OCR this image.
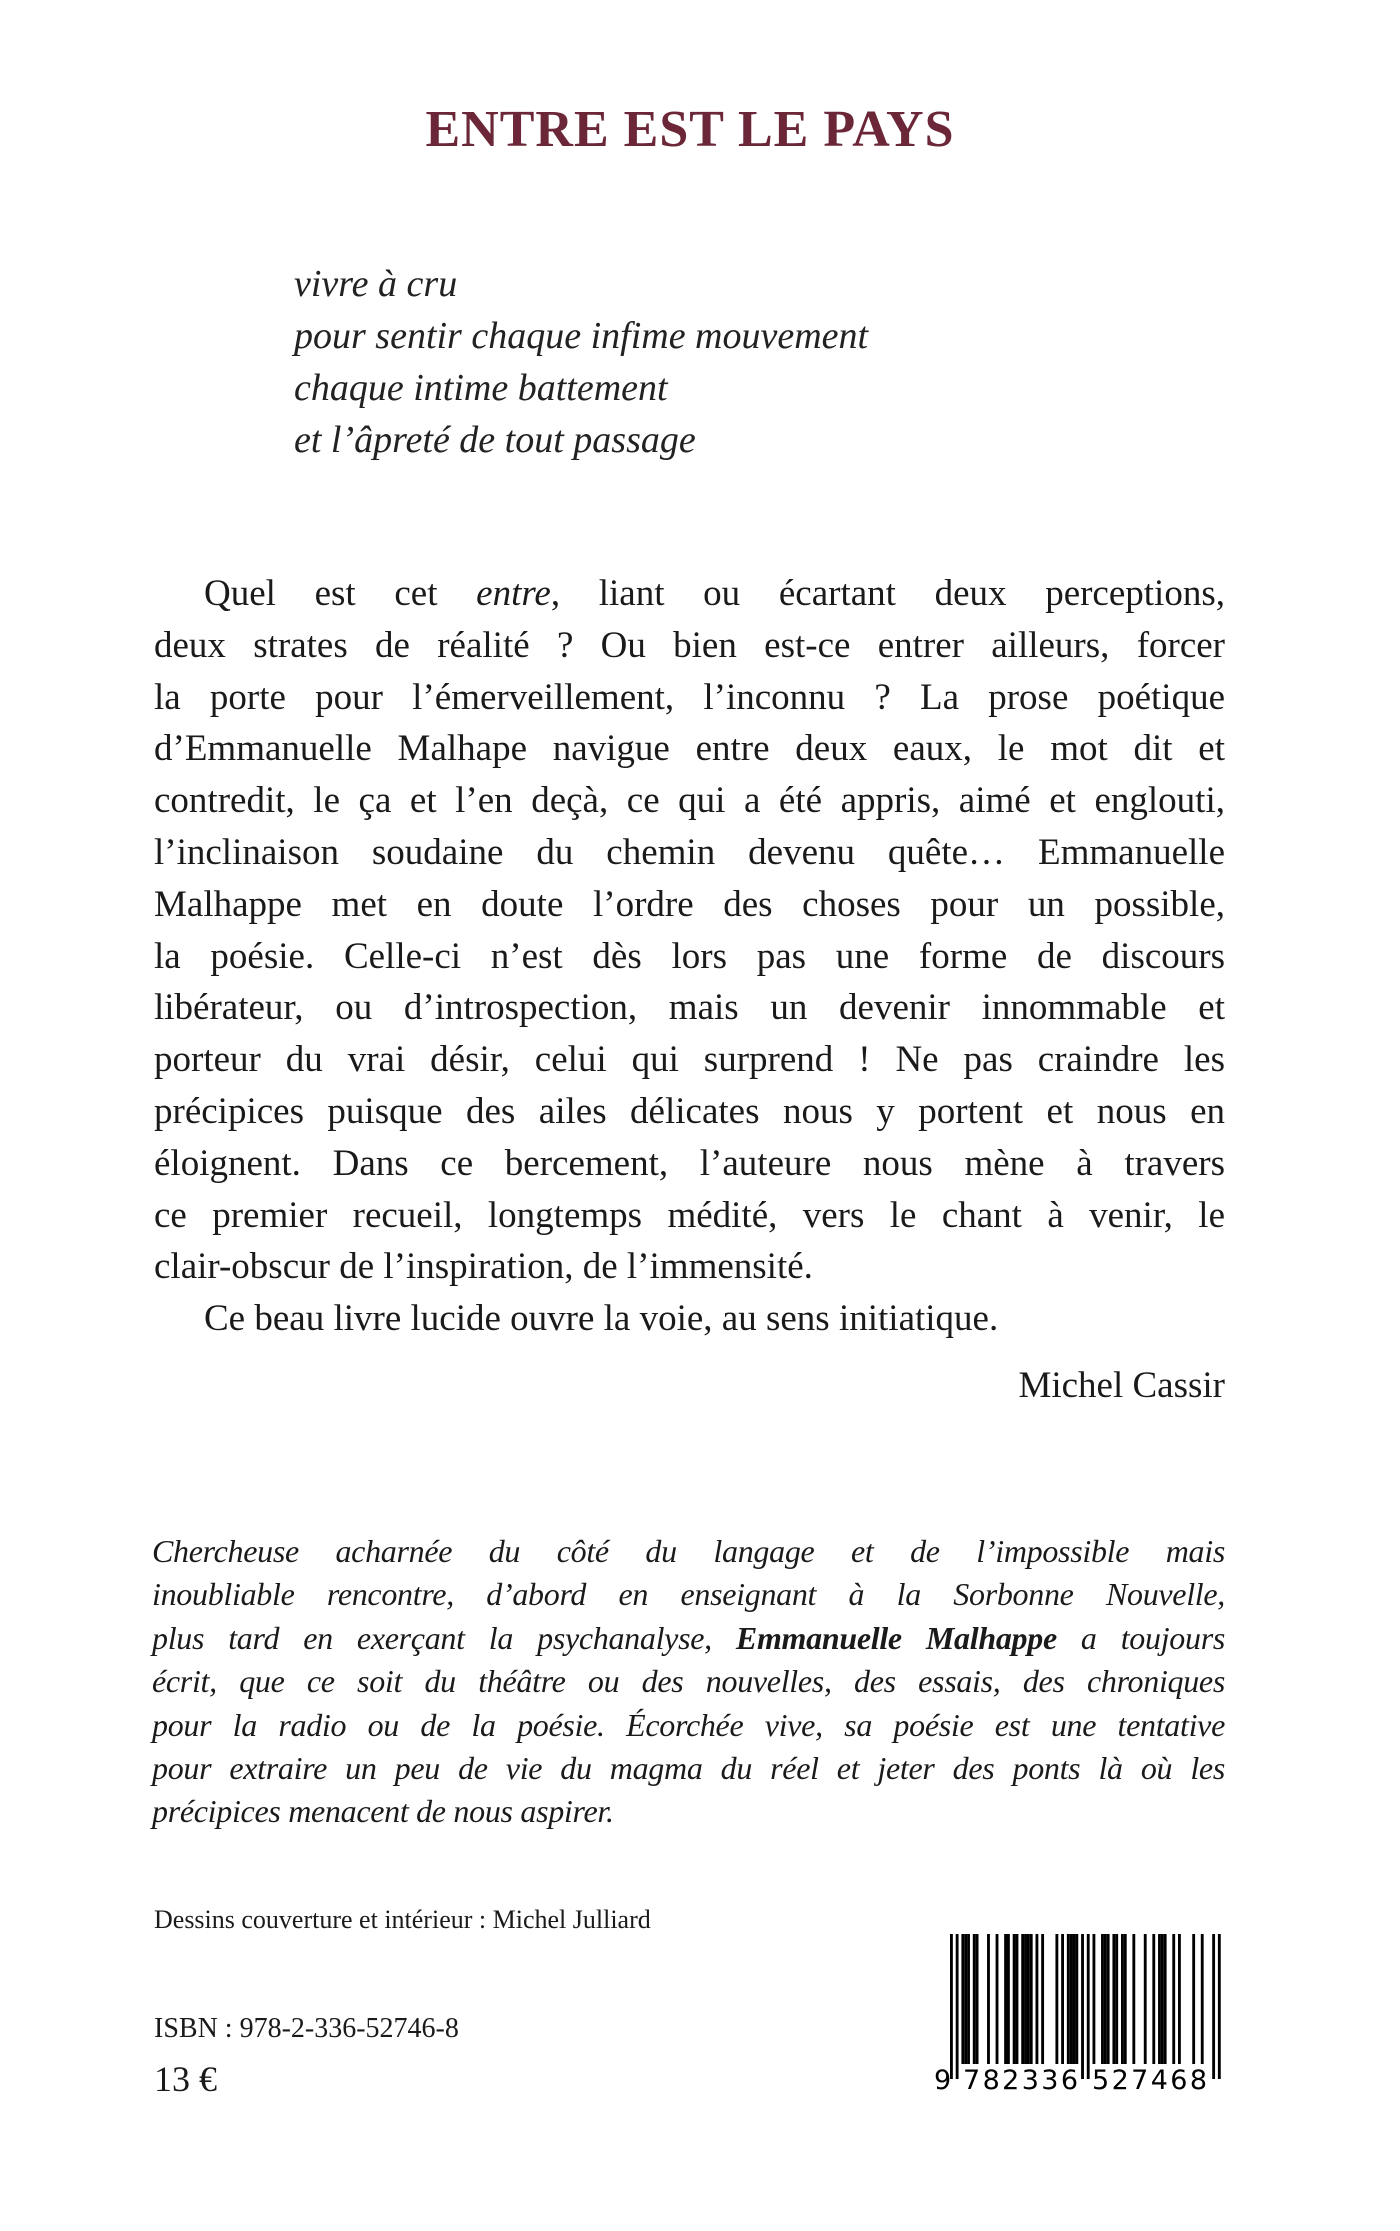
ENTRE EST LE PAYS
vivre à cru
pour sentir chaque infime mouvement
chaque intime battement
et l’âpreté de tout passage
Quel est cet entre, liant ou écartant deux perceptions,
deux strates de réalité ? Ou bien est-ce entrer ailleurs, forcer
la porte pour l’émerveillement, l’inconnu ? La prose poétique
d’Emmanuelle Malhape navigue entre deux eaux, le mot dit et
contredit, le ça et l’en deçà, ce qui a été appris, aimé et englouti,
l’inclinaison soudaine du chemin devenu quête… Emmanuelle
Malhappe met en doute l’ordre des choses pour un possible,
la poésie. Celle-ci n’est dès lors pas une forme de discours
libérateur, ou d’introspection, mais un devenir innommable et
porteur du vrai désir, celui qui surprend ! Ne pas craindre les
précipices puisque des ailes délicates nous y portent et nous en
éloignent. Dans ce bercement, l’auteure nous mène à travers
ce premier recueil, longtemps médité, vers le chant à venir, le
clair-obscur de l’inspiration, de l’immensité.
Ce beau livre lucide ouvre la voie, au sens initiatique.
Michel Cassir
Chercheuse acharnée du côté du langage et de l’impossible mais
inoubliable rencontre, d’abord en enseignant à la Sorbonne Nouvelle,
plus tard en exerçant la psychanalyse, Emmanuelle Malhappe a toujours
écrit, que ce soit du théâtre ou des nouvelles, des essais, des chroniques
pour la radio ou de la poésie. Écorchée vive, sa poésie est une tentative
pour extraire un peu de vie du magma du réel et jeter des ponts là où les
précipices menacent de nous aspirer.
Dessins couverture et intérieur : Michel Julliard
ISBN : 978-2-336-52746-8
13 €	9 782336 527468
